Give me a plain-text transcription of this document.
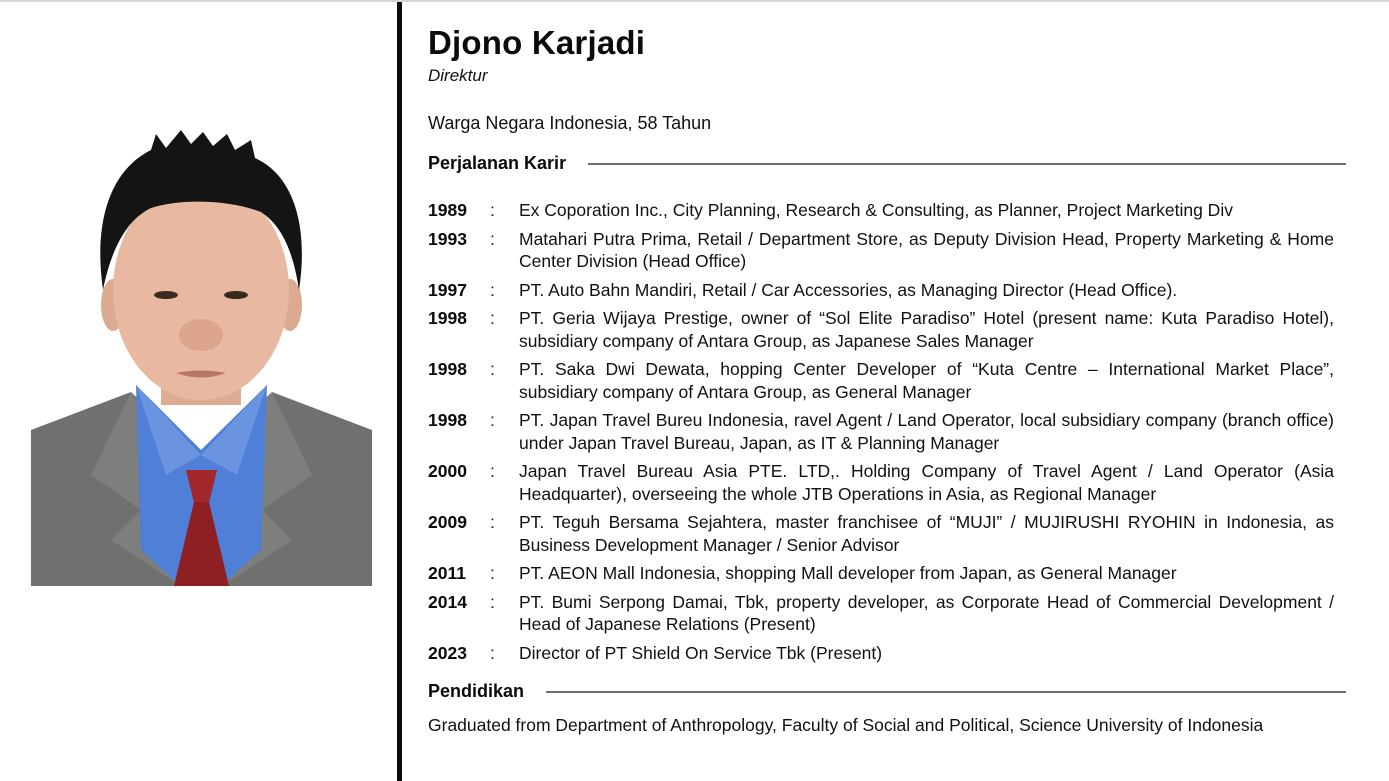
Djono Karjadi
Direktur
Warga Negara Indonesia, 58 Tahun
Perjalanan Karir
1989	:	Ex Coporation Inc., City Planning, Research & Consulting, as Planner, Project Marketing Div
1993	:	Matahari Putra Prima, Retail / Department Store, as Deputy Division Head, Property Marketing & Home Center Division (Head Office)
1997	:	PT. Auto Bahn Mandiri, Retail / Car Accessories, as Managing Director (Head Office).
1998	:	PT. Geria Wijaya Prestige, owner of “Sol Elite Paradiso” Hotel (present name: Kuta Paradiso Hotel), subsidiary company of Antara Group, as Japanese Sales Manager
1998	:	PT. Saka Dwi Dewata, hopping Center Developer of “Kuta Centre – International Market Place”, subsidiary company of Antara Group, as General Manager
1998	:	PT. Japan Travel Bureu Indonesia, ravel Agent / Land Operator, local subsidiary company (branch office) under Japan Travel Bureau, Japan, as IT & Planning Manager
2000	:	Japan Travel Bureau Asia PTE. LTD,. Holding Company of Travel Agent / Land Operator (Asia Headquarter), overseeing the whole JTB Operations in Asia, as Regional Manager
2009	:	PT. Teguh Bersama Sejahtera, master franchisee of “MUJI” / MUJIRUSHI RYOHIN in Indonesia, as Business Development Manager / Senior Advisor
2011	:	PT. AEON Mall Indonesia, shopping Mall developer from Japan, as General Manager
2014	:	PT. Bumi Serpong Damai, Tbk, property developer, as Corporate Head of Commercial Development / Head of Japanese Relations (Present)
2023	:	Director of PT Shield On Service Tbk (Present)
Pendidikan
Graduated from Department of Anthropology, Faculty of Social and Political, Science University of Indonesia
